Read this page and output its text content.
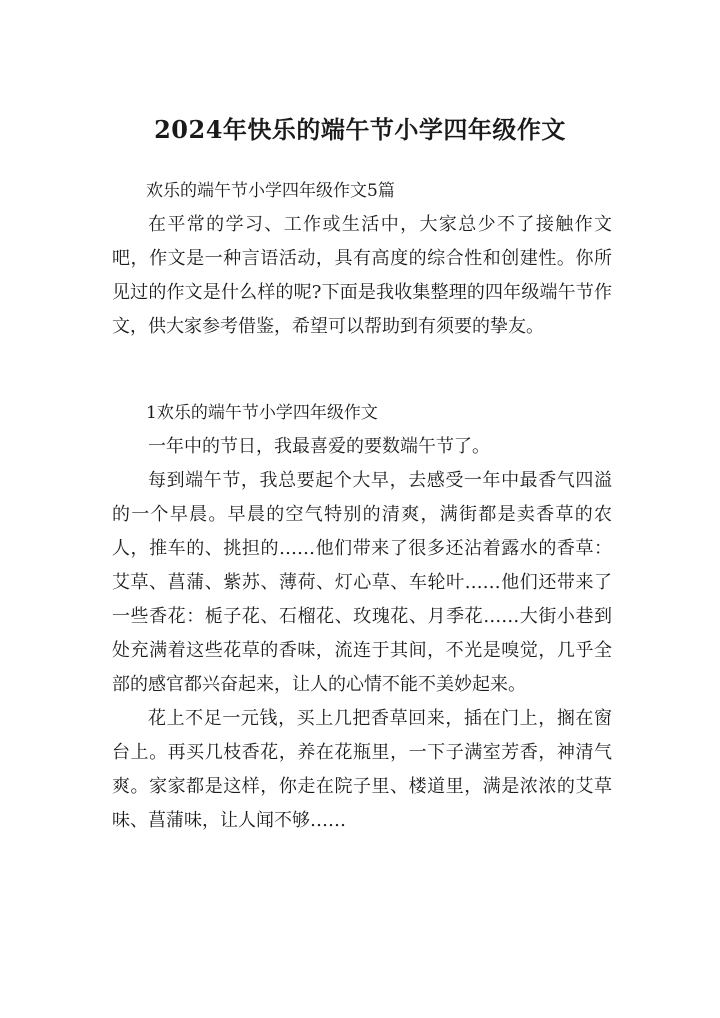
2024年快乐的端午节小学四年级作文

欢乐的端午节小学四年级作文5篇

在平常的学习、工作或生活中，大家总少不了接触作文吧，作文是一种言语活动，具有高度的综合性和创建性。你所见过的作文是什么样的呢?下面是我收集整理的四年级端午节作文，供大家参考借鉴，希望可以帮助到有须要的挚友。

1欢乐的端午节小学四年级作文

一年中的节日，我最喜爱的要数端午节了。

每到端午节，我总要起个大早，去感受一年中最香气四溢的一个早晨。早晨的空气特别的清爽，满街都是卖香草的农人，推车的、挑担的……他们带来了很多还沾着露水的香草：艾草、菖蒲、紫苏、薄荷、灯心草、车轮叶……他们还带来了一些香花：栀子花、石榴花、玫瑰花、月季花……大街小巷到处充满着这些花草的香味，流连于其间，不光是嗅觉，几乎全部的感官都兴奋起来，让人的心情不能不美妙起来。

花上不足一元钱，买上几把香草回来，插在门上，搁在窗台上。再买几枝香花，养在花瓶里，一下子满室芳香，神清气爽。家家都是这样，你走在院子里、楼道里，满是浓浓的艾草味、菖蒲味，让人闻不够……
